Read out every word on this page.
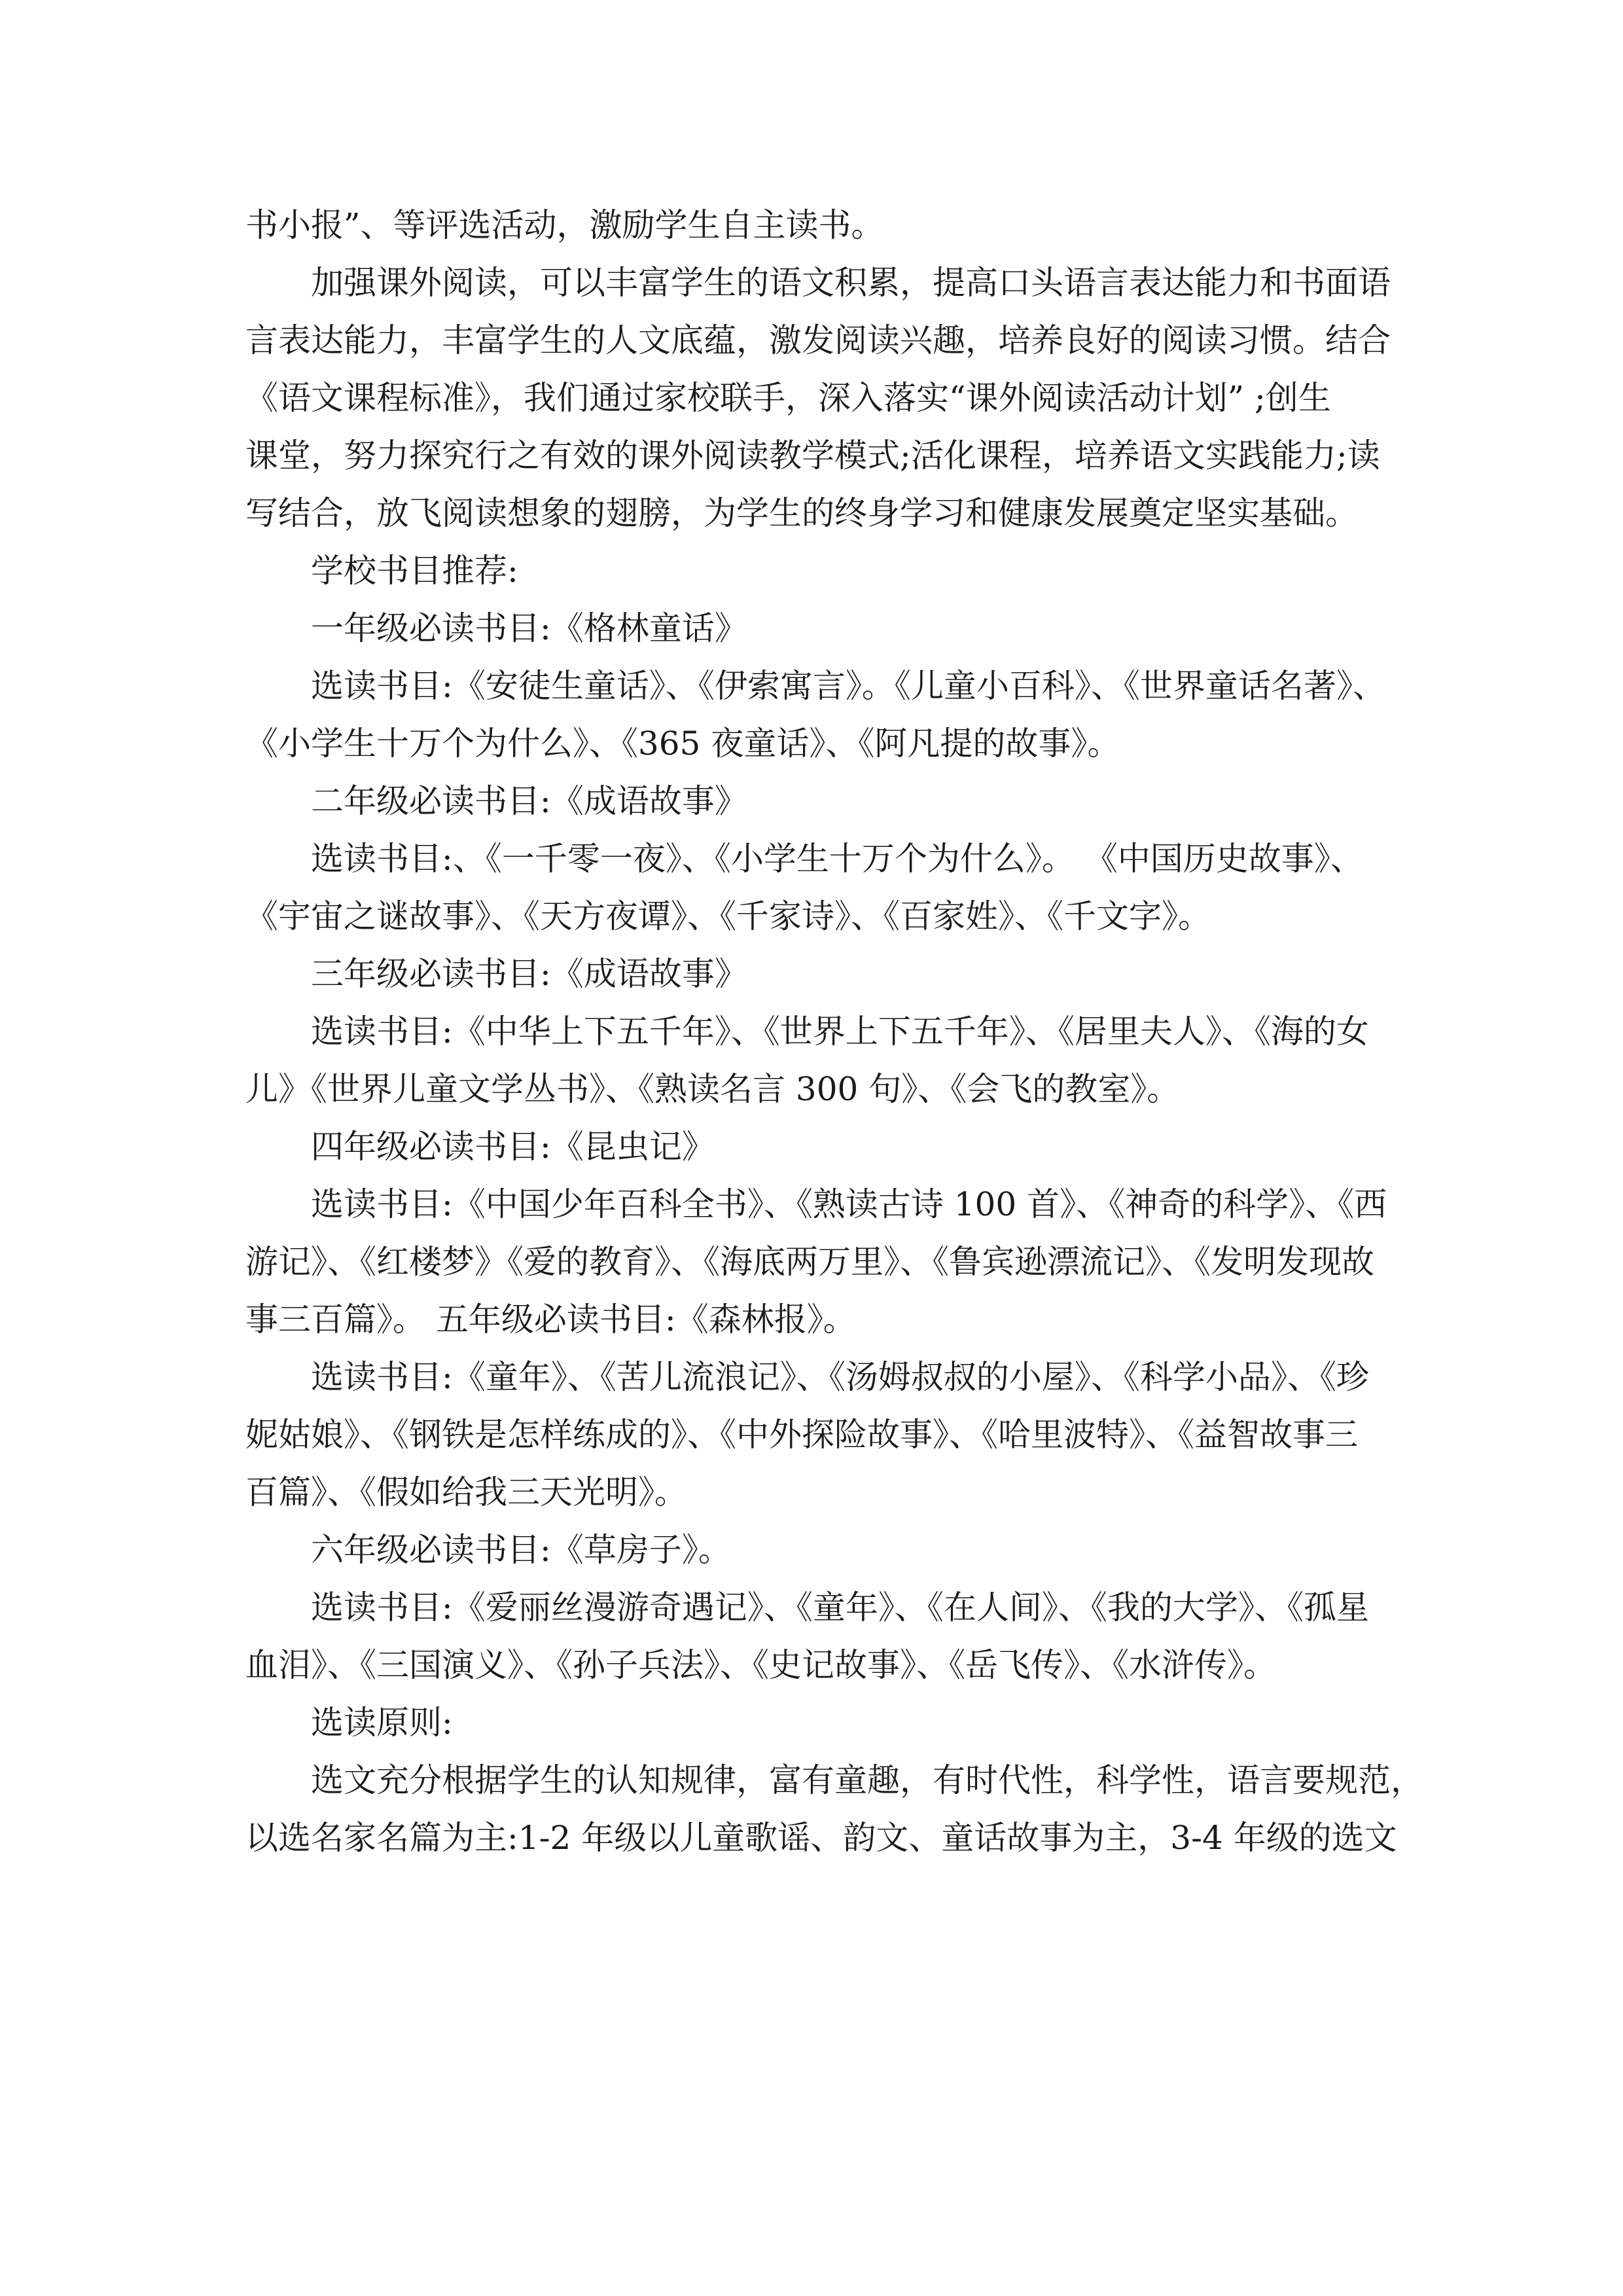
书小报”、等评选活动，激励学生自主读书。
加强课外阅读，可以丰富学生的语文积累，提高口头语言表达能力和书面语
言表达能力，丰富学生的人文底蕴，激发阅读兴趣，培养良好的阅读习惯。结合
《语文课程标准》，我们通过家校联手，深入落实“课外阅读活动计划” ;创生
课堂，努力探究行之有效的课外阅读教学模式;活化课程，培养语文实践能力;读
写结合，放飞阅读想象的翅膀，为学生的终身学习和健康发展奠定坚实基础。
学校书目推荐:
一年级必读书目:《格林童话》
选读书目:《安徒生童话》、《伊索寓言》。《儿童小百科》、《世界童话名著》、
《小学生十万个为什么》、《365 夜童话》、《阿凡提的故事》。
二年级必读书目:《成语故事》
选读书目:、《一千零一夜》、《小学生十万个为什么》。 《中国历史故事》、
《宇宙之谜故事》、《天方夜谭》、《千家诗》、《百家姓》、《千文字》。
三年级必读书目:《成语故事》
选读书目:《中华上下五千年》、《世界上下五千年》、《居里夫人》、《海的女
儿》《世界儿童文学丛书》、《熟读名言 300 句》、《会飞的教室》。
四年级必读书目:《昆虫记》
选读书目:《中国少年百科全书》、《熟读古诗 100 首》、《神奇的科学》、《西
游记》、《红楼梦》《爱的教育》、《海底两万里》、《鲁宾逊漂流记》、《发明发现故
事三百篇》。 五年级必读书目:《森林报》。
选读书目:《童年》、《苦儿流浪记》、《汤姆叔叔的小屋》、《科学小品》、《珍
妮姑娘》、《钢铁是怎样练成的》、《中外探险故事》、《哈里波特》、《益智故事三
百篇》、《假如给我三天光明》。
六年级必读书目:《草房子》。
选读书目:《爱丽丝漫游奇遇记》、《童年》、《在人间》、《我的大学》、《孤星
血泪》、《三国演义》、《孙子兵法》、《史记故事》、《岳飞传》、《水浒传》。
选读原则:
选文充分根据学生的认知规律，富有童趣，有时代性，科学性，语言要规范，
以选名家名篇为主:1-2 年级以儿童歌谣、韵文、童话故事为主，3-4 年级的选文
